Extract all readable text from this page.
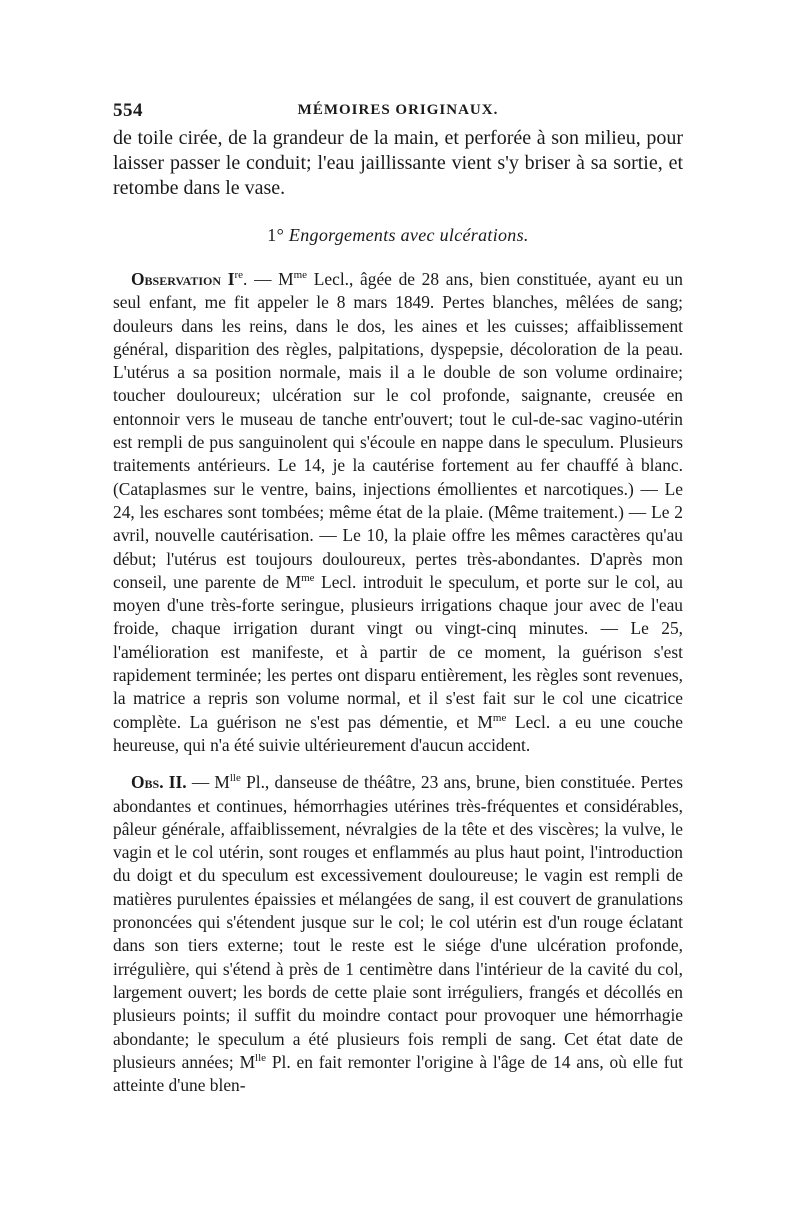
554	MÉMOIRES ORIGINAUX.

de toile cirée, de la grandeur de la main, et perforée à son milieu, pour laisser passer le conduit; l'eau jaillissante vient s'y briser à sa sortie, et retombe dans le vase.

1° Engorgements avec ulcérations.

Observation Ire. — $M^{me}$ Lecl., âgée de 28 ans, bien constituée, ayant eu un seul enfant, me fit appeler le 8 mars 1849. Pertes blanches, mêlées de sang; douleurs dans les reins, dans le dos, les aines et les cuisses; affaiblissement général, disparition des règles, palpitations, dyspepsie, décoloration de la peau. L'utérus a sa position normale, mais il a le double de son volume ordinaire; toucher douloureux; ulcération sur le col profonde, saignante, creusée en entonnoir vers le museau de tanche entr'ouvert; tout le cul-de-sac vagino-utérin est rempli de pus sanguinolent qui s'écoule en nappe dans le speculum. Plusieurs traitements antérieurs. Le 14, je la cautérise fortement au fer chauffé à blanc. (Cataplasmes sur le ventre, bains, injections émollientes et narcotiques.) — Le 24, les eschares sont tombées; même état de la plaie. (Même traitement.) — Le 2 avril, nouvelle cautérisation. — Le 10, la plaie offre les mêmes caractères qu'au début; l'utérus est toujours douloureux, pertes très-abondantes. D'après mon conseil, une parente de $M^{me}$ Lecl. introduit le speculum, et porte sur le col, au moyen d'une très-forte seringue, plusieurs irrigations chaque jour avec de l'eau froide, chaque irrigation durant vingt ou vingt-cinq minutes. — Le 25, l'amélioration est manifeste, et à partir de ce moment, la guérison s'est rapidement terminée; les pertes ont disparu entièrement, les règles sont revenues, la matrice a repris son volume normal, et il s'est fait sur le col une cicatrice complète. La guérison ne s'est pas démentie, et $M^{me}$ Lecl. a eu une couche heureuse, qui n'a été suivie ultérieurement d'aucun accident.

Obs. II. — $M^{lle}$ Pl., danseuse de théâtre, 23 ans, brune, bien constituée. Pertes abondantes et continues, hémorrhagies utérines très-fréquentes et considérables, pâleur générale, affaiblissement, névralgies de la tête et des viscères; la vulve, le vagin et le col utérin, sont rouges et enflammés au plus haut point, l'introduction du doigt et du speculum est excessivement douloureuse; le vagin est rempli de matières purulentes épaissies et mélangées de sang, il est couvert de granulations prononcées qui s'étendent jusque sur le col; le col utérin est d'un rouge éclatant dans son tiers externe; tout le reste est le siége d'une ulcération profonde, irrégulière, qui s'étend à près de 1 centimètre dans l'intérieur de la cavité du col, largement ouvert; les bords de cette plaie sont irréguliers, frangés et décollés en plusieurs points; il suffit du moindre contact pour provoquer une hémorrhagie abondante; le speculum a été plusieurs fois rempli de sang. Cet état date de plusieurs années; $M^{lle}$ Pl. en fait remonter l'origine à l'âge de 14 ans, où elle fut atteinte d'une blen-
